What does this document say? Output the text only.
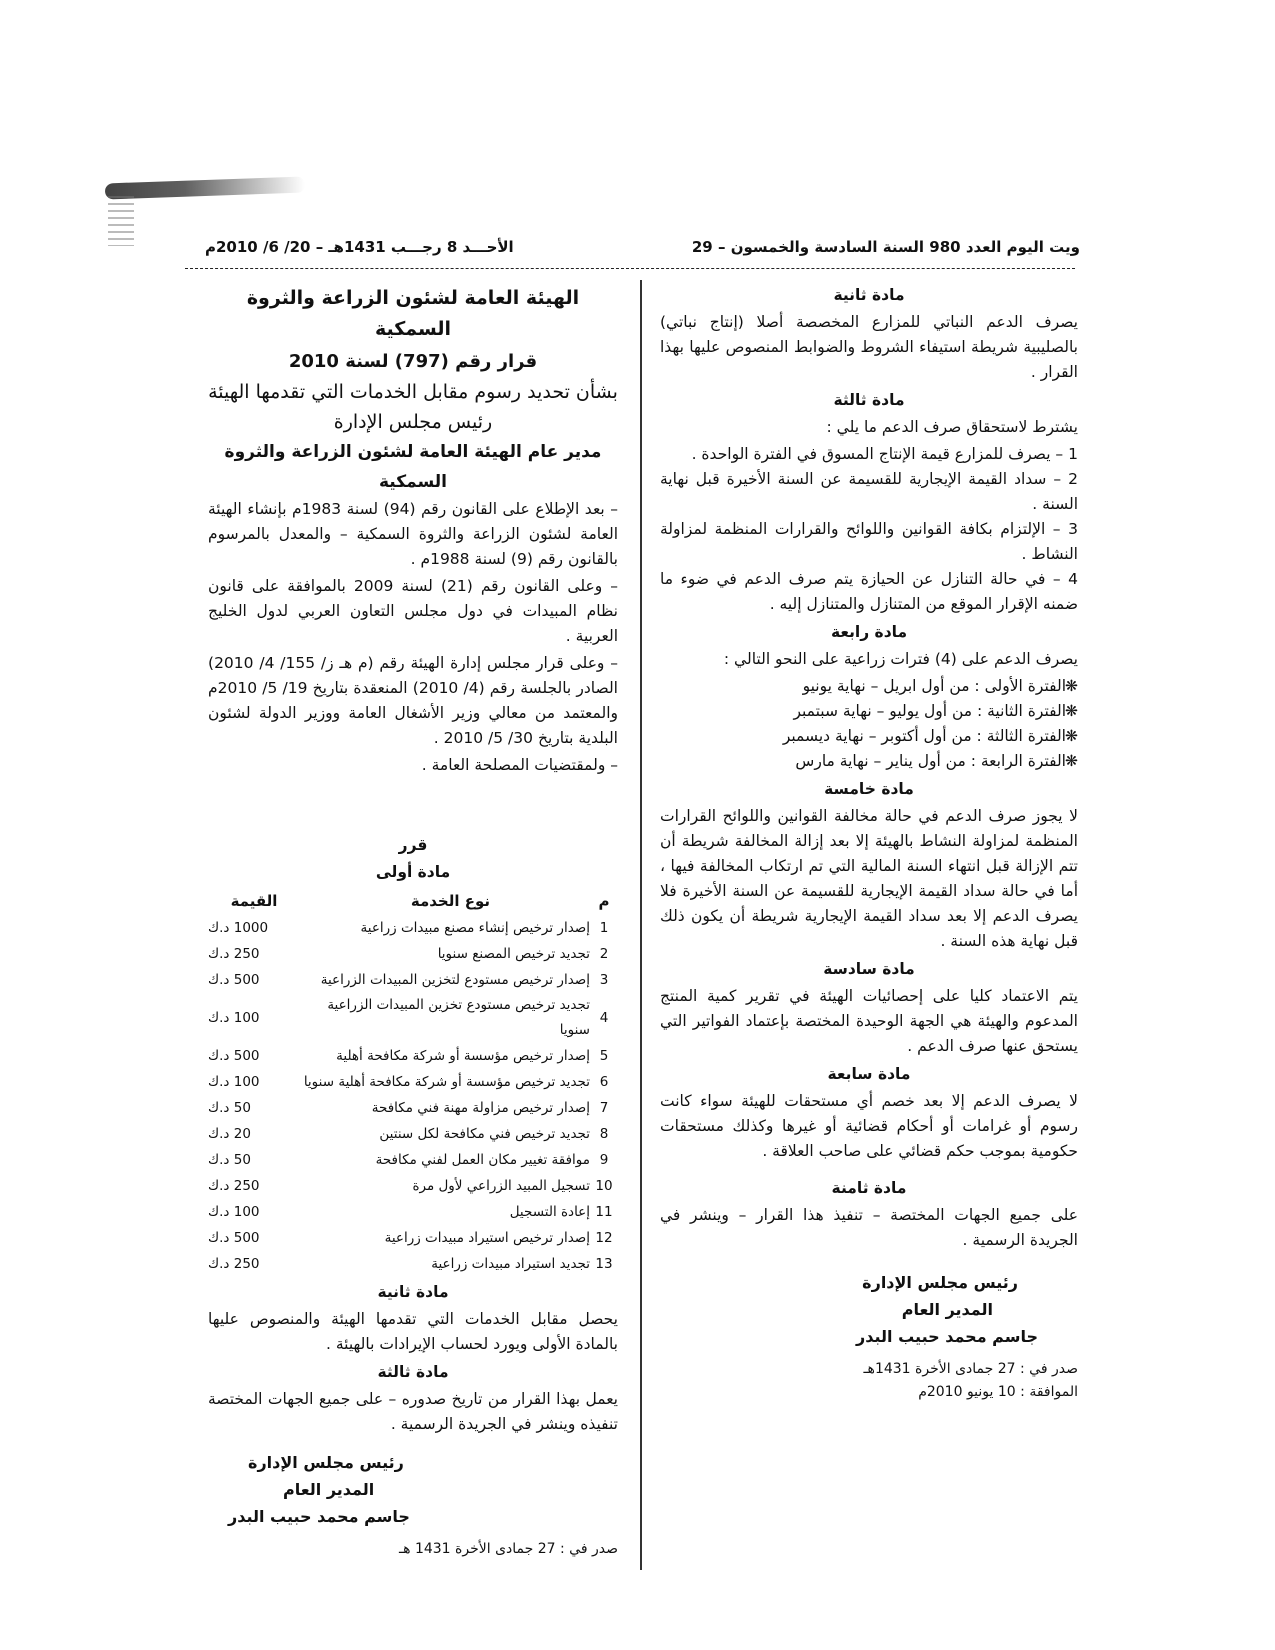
الأحـــد 8 رجـــب 1431هـ – 20/ 6/ 2010م	ويت اليوم العدد 980 السنة السادسة والخمسون – 29
مادة ثانية
يصرف الدعم النباتي للمزارع المخصصة أصلا (إنتاج نباتي) بالصليبية شريطة استيفاء الشروط والضوابط المنصوص عليها بهذا القرار .
مادة ثالثة
يشترط لاستحقاق صرف الدعم ما يلي :
1 – يصرف للمزارع قيمة الإنتاج المسوق في الفترة الواحدة .
2 – سداد القيمة الإيجارية للقسيمة عن السنة الأخيرة قبل نهاية السنة .
3 – الإلتزام بكافة القوانين واللوائح والقرارات المنظمة لمزاولة النشاط .
4 – في حالة التنازل عن الحيازة يتم صرف الدعم في ضوء ما ضمنه الإقرار الموقع من المتنازل والمتنازل إليه .
مادة رابعة
يصرف الدعم على (4) فترات زراعية على النحو التالي :
❋الفترة الأولى : من أول ابريل – نهاية يونيو
❋الفترة الثانية : من أول يوليو – نهاية سبتمبر
❋الفترة الثالثة : من أول أكتوبر – نهاية ديسمبر
❋الفترة الرابعة : من أول يناير – نهاية مارس
مادة خامسة
لا يجوز صرف الدعم في حالة مخالفة القوانين واللوائح القرارات المنظمة لمزاولة النشاط بالهيئة إلا بعد إزالة المخالفة شريطة أن تتم الإزالة قبل انتهاء السنة المالية التي تم ارتكاب المخالفة فيها ، أما في حالة سداد القيمة الإيجارية للقسيمة عن السنة الأخيرة فلا يصرف الدعم إلا بعد سداد القيمة الإيجارية شريطة أن يكون ذلك قبل نهاية هذه السنة .
مادة سادسة
يتم الاعتماد كليا على إحصائيات الهيئة في تقرير كمية المنتج المدعوم والهيئة هي الجهة الوحيدة المختصة بإعتماد الفواتير التي يستحق عنها صرف الدعم .
مادة سابعة
لا يصرف الدعم إلا بعد خصم أي مستحقات للهيئة سواء كانت رسوم أو غرامات أو أحكام قضائية أو غيرها وكذلك مستحقات حكومية بموجب حكم قضائي على صاحب العلاقة .
مادة ثامنة
على جميع الجهات المختصة – تنفيذ هذا القرار – وينشر في الجريدة الرسمية .
رئيس مجلس الإدارة
المدير العام
جاسم محمد حبيب البدر
صدر في : 27 جمادى الأخرة 1431هـ
الموافقة : 10 يونيو 2010م
الهيئة العامة لشئون الزراعة والثروة السمكية
قرار رقم (797) لسنة 2010
بشأن تحديد رسوم مقابل الخدمات التي تقدمها الهيئة
رئيس مجلس الإدارة
مدير عام الهيئة العامة لشئون الزراعة والثروة السمكية
– بعد الإطلاع على القانون رقم (94) لسنة 1983م بإنشاء الهيئة العامة لشئون الزراعة والثروة السمكية – والمعدل بالمرسوم بالقانون رقم (9) لسنة 1988م .
– وعلى القانون رقم (21) لسنة 2009 بالموافقة على قانون نظام المبيدات في دول مجلس التعاون العربي لدول الخليج العربية .
– وعلى قرار مجلس إدارة الهيئة رقم (م هـ ز/ 155/ 4/ 2010) الصادر بالجلسة رقم (4/ 2010) المنعقدة بتاريخ 19/ 5/ 2010م والمعتمد من معالي وزير الأشغال العامة ووزير الدولة لشئون البلدية بتاريخ 30/ 5/ 2010 .
– ولمقتضيات المصلحة العامة .
قرر
مادة أولى
م	نوع الخدمة	القيمة
1	إصدار ترخيص إنشاء مصنع مبيدات زراعية	1000 د.ك
2	تجديد ترخيص المصنع سنويا	250 د.ك
3	إصدار ترخيص مستودع لتخزين المبيدات الزراعية	500 د.ك
4	تجديد ترخيص مستودع تخزين المبيدات الزراعية سنويا	100 د.ك
5	إصدار ترخيص مؤسسة أو شركة مكافحة أهلية	500 د.ك
6	تجديد ترخيص مؤسسة أو شركة مكافحة أهلية سنويا	100 د.ك
7	إصدار ترخيص مزاولة مهنة فني مكافحة	50 د.ك
8	تجديد ترخيص فني مكافحة لكل سنتين	20 د.ك
9	موافقة تغيير مكان العمل لفني مكافحة	50 د.ك
10	تسجيل المبيد الزراعي لأول مرة	250 د.ك
11	إعادة التسجيل	100 د.ك
12	إصدار ترخيص استيراد مبيدات زراعية	500 د.ك
13	تجديد استيراد مبيدات زراعية	250 د.ك
مادة ثانية
يحصل مقابل الخدمات التي تقدمها الهيئة والمنصوص عليها بالمادة الأولى ويورد لحساب الإيرادات بالهيئة .
مادة ثالثة
يعمل بهذا القرار من تاريخ صدوره – على جميع الجهات المختصة تنفيذه وينشر في الجريدة الرسمية .
رئيس مجلس الإدارة
المدير العام
جاسم محمد حبيب البدر
صدر في : 27 جمادى الأخرة 1431 هـ
